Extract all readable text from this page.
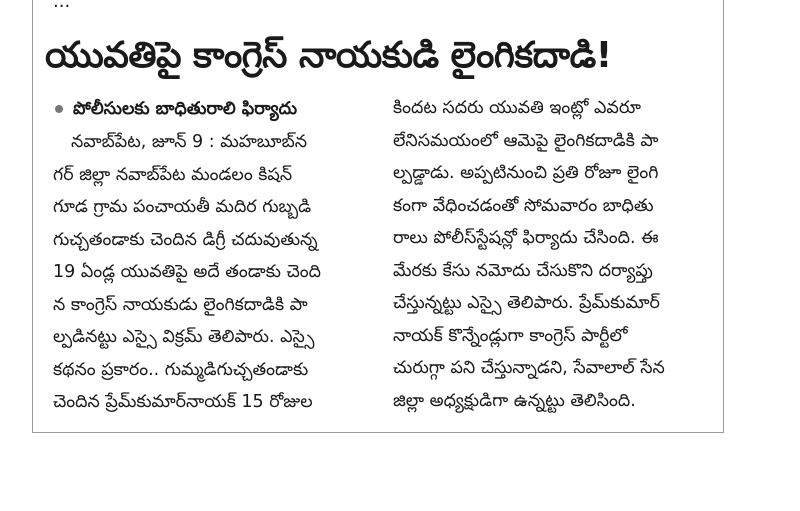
...
యువతిపై కాంగ్రెస్ నాయకుడి లైంగికదాడి!
పోలీసులకు బాధితురాలి ఫిర్యాదు
నవాబ్‌పేట, జూన్ 9 : మహబూబ్‌న
గర్ జిల్లా నవాబ్‌పేట మండలం కిషన్
గూడ గ్రామ పంచాయతీ మదిర గుబ్బడి
గుచ్చతండాకు చెందిన డిగ్రీ చదువుతున్న
19 ఏండ్ల యువతిపై అదే తండాకు చెంది
న కాంగ్రెస్ నాయకుడు లైంగికదాడికి పా
ల్పడినట్టు ఎస్సై విక్రమ్ తెలిపారు. ఎస్సై
కథనం ప్రకారం.. గుమ్మడిగుచ్చతండాకు
చెందిన ప్రేమ్‌కుమార్‌నాయక్ 15 రోజుల
కిందట సదరు యువతి ఇంట్లో ఎవరూ
లేనిసమయంలో ఆమెపై లైంగికదాడికి పా
ల్పడ్డాడు. అప్పటినుంచి ప్రతి రోజూ లైంగి
కంగా వేధించడంతో సోమవారం బాధితు
రాలు పోలీస్‌స్టేషన్లో ఫిర్యాదు చేసింది. ఈ
మేరకు కేసు నమోదు చేసుకొని దర్యాప్తు
చేస్తున్నట్టు ఎస్సై తెలిపారు. ప్రేమ్‌కుమార్
నాయక్ కొన్నేండ్లుగా కాంగ్రెస్ పార్టీలో
చురుగ్గా పని చేస్తున్నాడని, సేవాలాల్ సేన
జిల్లా అధ్యక్షుడిగా ఉన్నట్టు తెలిసింది.
